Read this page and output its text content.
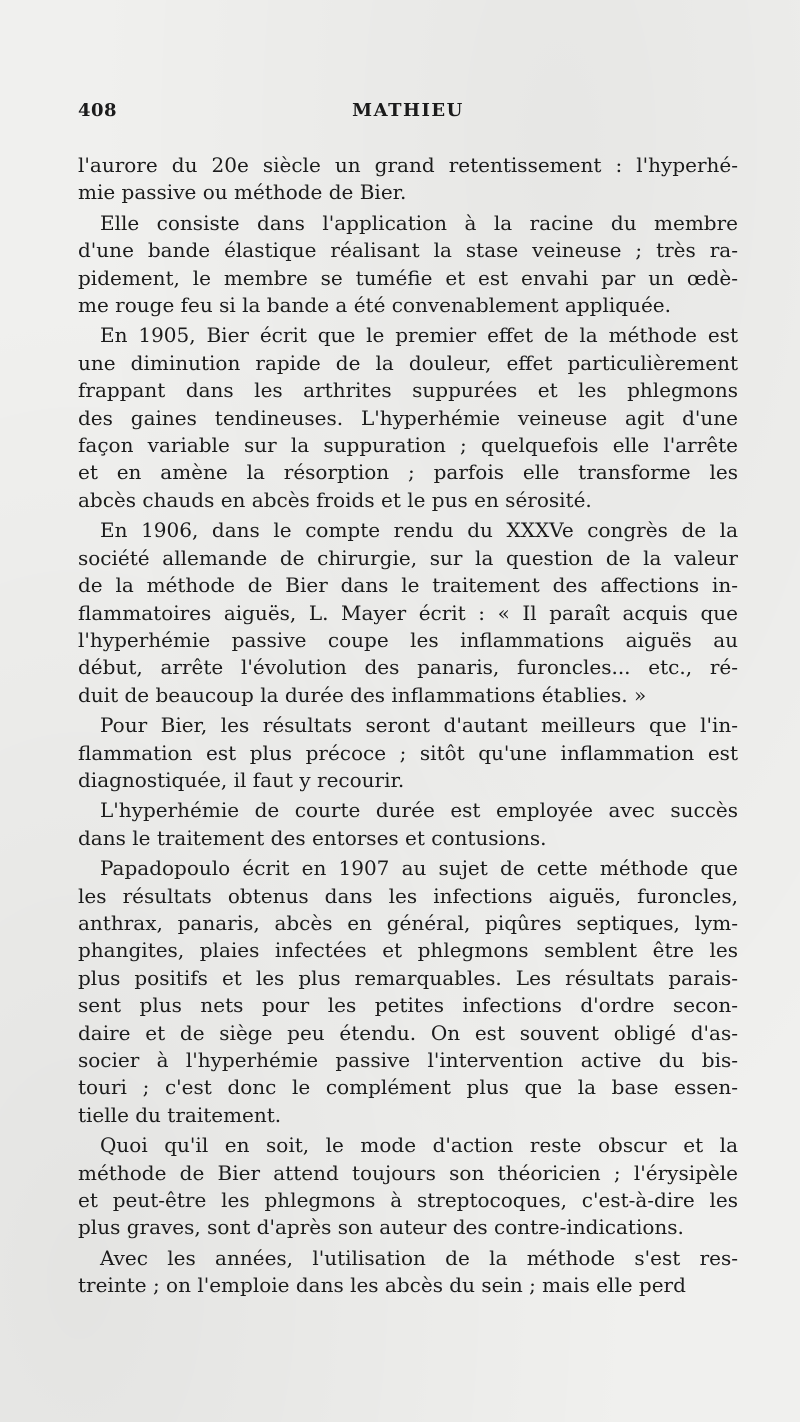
408	MATHIEU

l'aurore du 20e siècle un grand retentissement : l'hyperhé-
mie passive ou méthode de Bier.

Elle consiste dans l'application à la racine du membre
d'une bande élastique réalisant la stase veineuse ; très ra-
pidement, le membre se tuméfie et est envahi par un œdè-
me rouge feu si la bande a été convenablement appliquée.

En 1905, Bier écrit que le premier effet de la méthode est
une diminution rapide de la douleur, effet particulièrement
frappant dans les arthrites suppurées et les phlegmons
des gaines tendineuses. L'hyperhémie veineuse agit d'une
façon variable sur la suppuration ; quelquefois elle l'arrête
et en amène la résorption ; parfois elle transforme les
abcès chauds en abcès froids et le pus en sérosité.

En 1906, dans le compte rendu du XXXVe congrès de la
société allemande de chirurgie, sur la question de la valeur
de la méthode de Bier dans le traitement des affections in-
flammatoires aiguës, L. Mayer écrit : « Il paraît acquis que
l'hyperhémie passive coupe les inflammations aiguës au
début, arrête l'évolution des panaris, furoncles... etc., ré-
duit de beaucoup la durée des inflammations établies. »

Pour Bier, les résultats seront d'autant meilleurs que l'in-
flammation est plus précoce ; sitôt qu'une inflammation est
diagnostiquée, il faut y recourir.

L'hyperhémie de courte durée est employée avec succès
dans le traitement des entorses et contusions.

Papadopoulo écrit en 1907 au sujet de cette méthode que
les résultats obtenus dans les infections aiguës, furoncles,
anthrax, panaris, abcès en général, piqûres septiques, lym-
phangites, plaies infectées et phlegmons semblent être les
plus positifs et les plus remarquables. Les résultats parais-
sent plus nets pour les petites infections d'ordre secon-
daire et de siège peu étendu. On est souvent obligé d'as-
socier à l'hyperhémie passive l'intervention active du bis-
touri ; c'est donc le complément plus que la base essen-
tielle du traitement.

Quoi qu'il en soit, le mode d'action reste obscur et la
méthode de Bier attend toujours son théoricien ; l'érysipèle
et peut-être les phlegmons à streptocoques, c'est-à-dire les
plus graves, sont d'après son auteur des contre-indications.

Avec les années, l'utilisation de la méthode s'est res-
treinte ; on l'emploie dans les abcès du sein ; mais elle perd
